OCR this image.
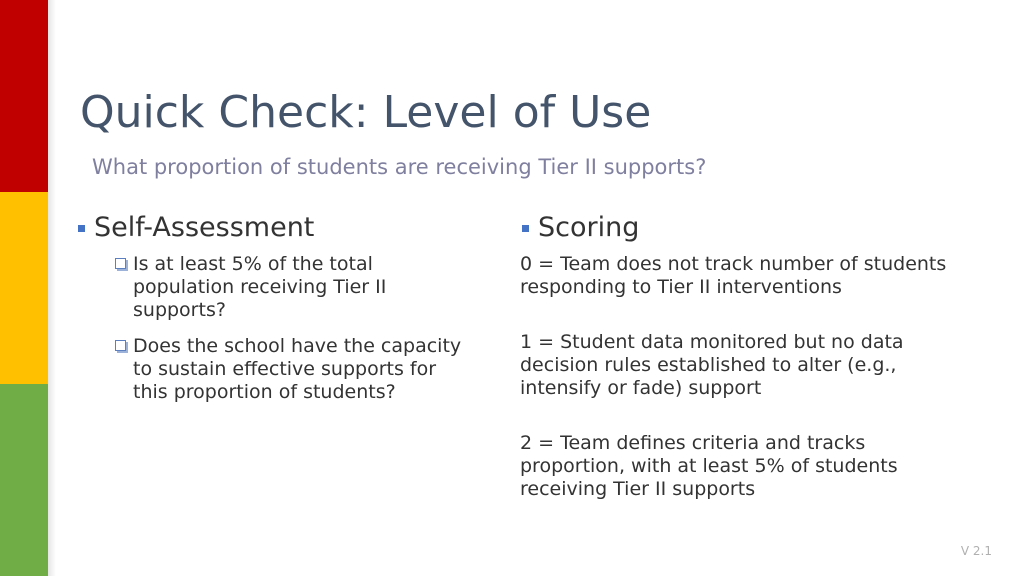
Quick Check: Level of Use
What proportion of students are receiving Tier II supports?
Self-Assessment
Is at least 5% of the total population receiving Tier II supports?
Does the school have the capacity to sustain effective supports for this proportion of students?
Scoring
0 = Team does not track number of students responding to Tier II interventions
1 = Student data monitored but no data decision rules established to alter (e.g., intensify or fade) support
2 = Team defines criteria and tracks proportion, with at least 5% of students receiving Tier II supports
V 2.1
